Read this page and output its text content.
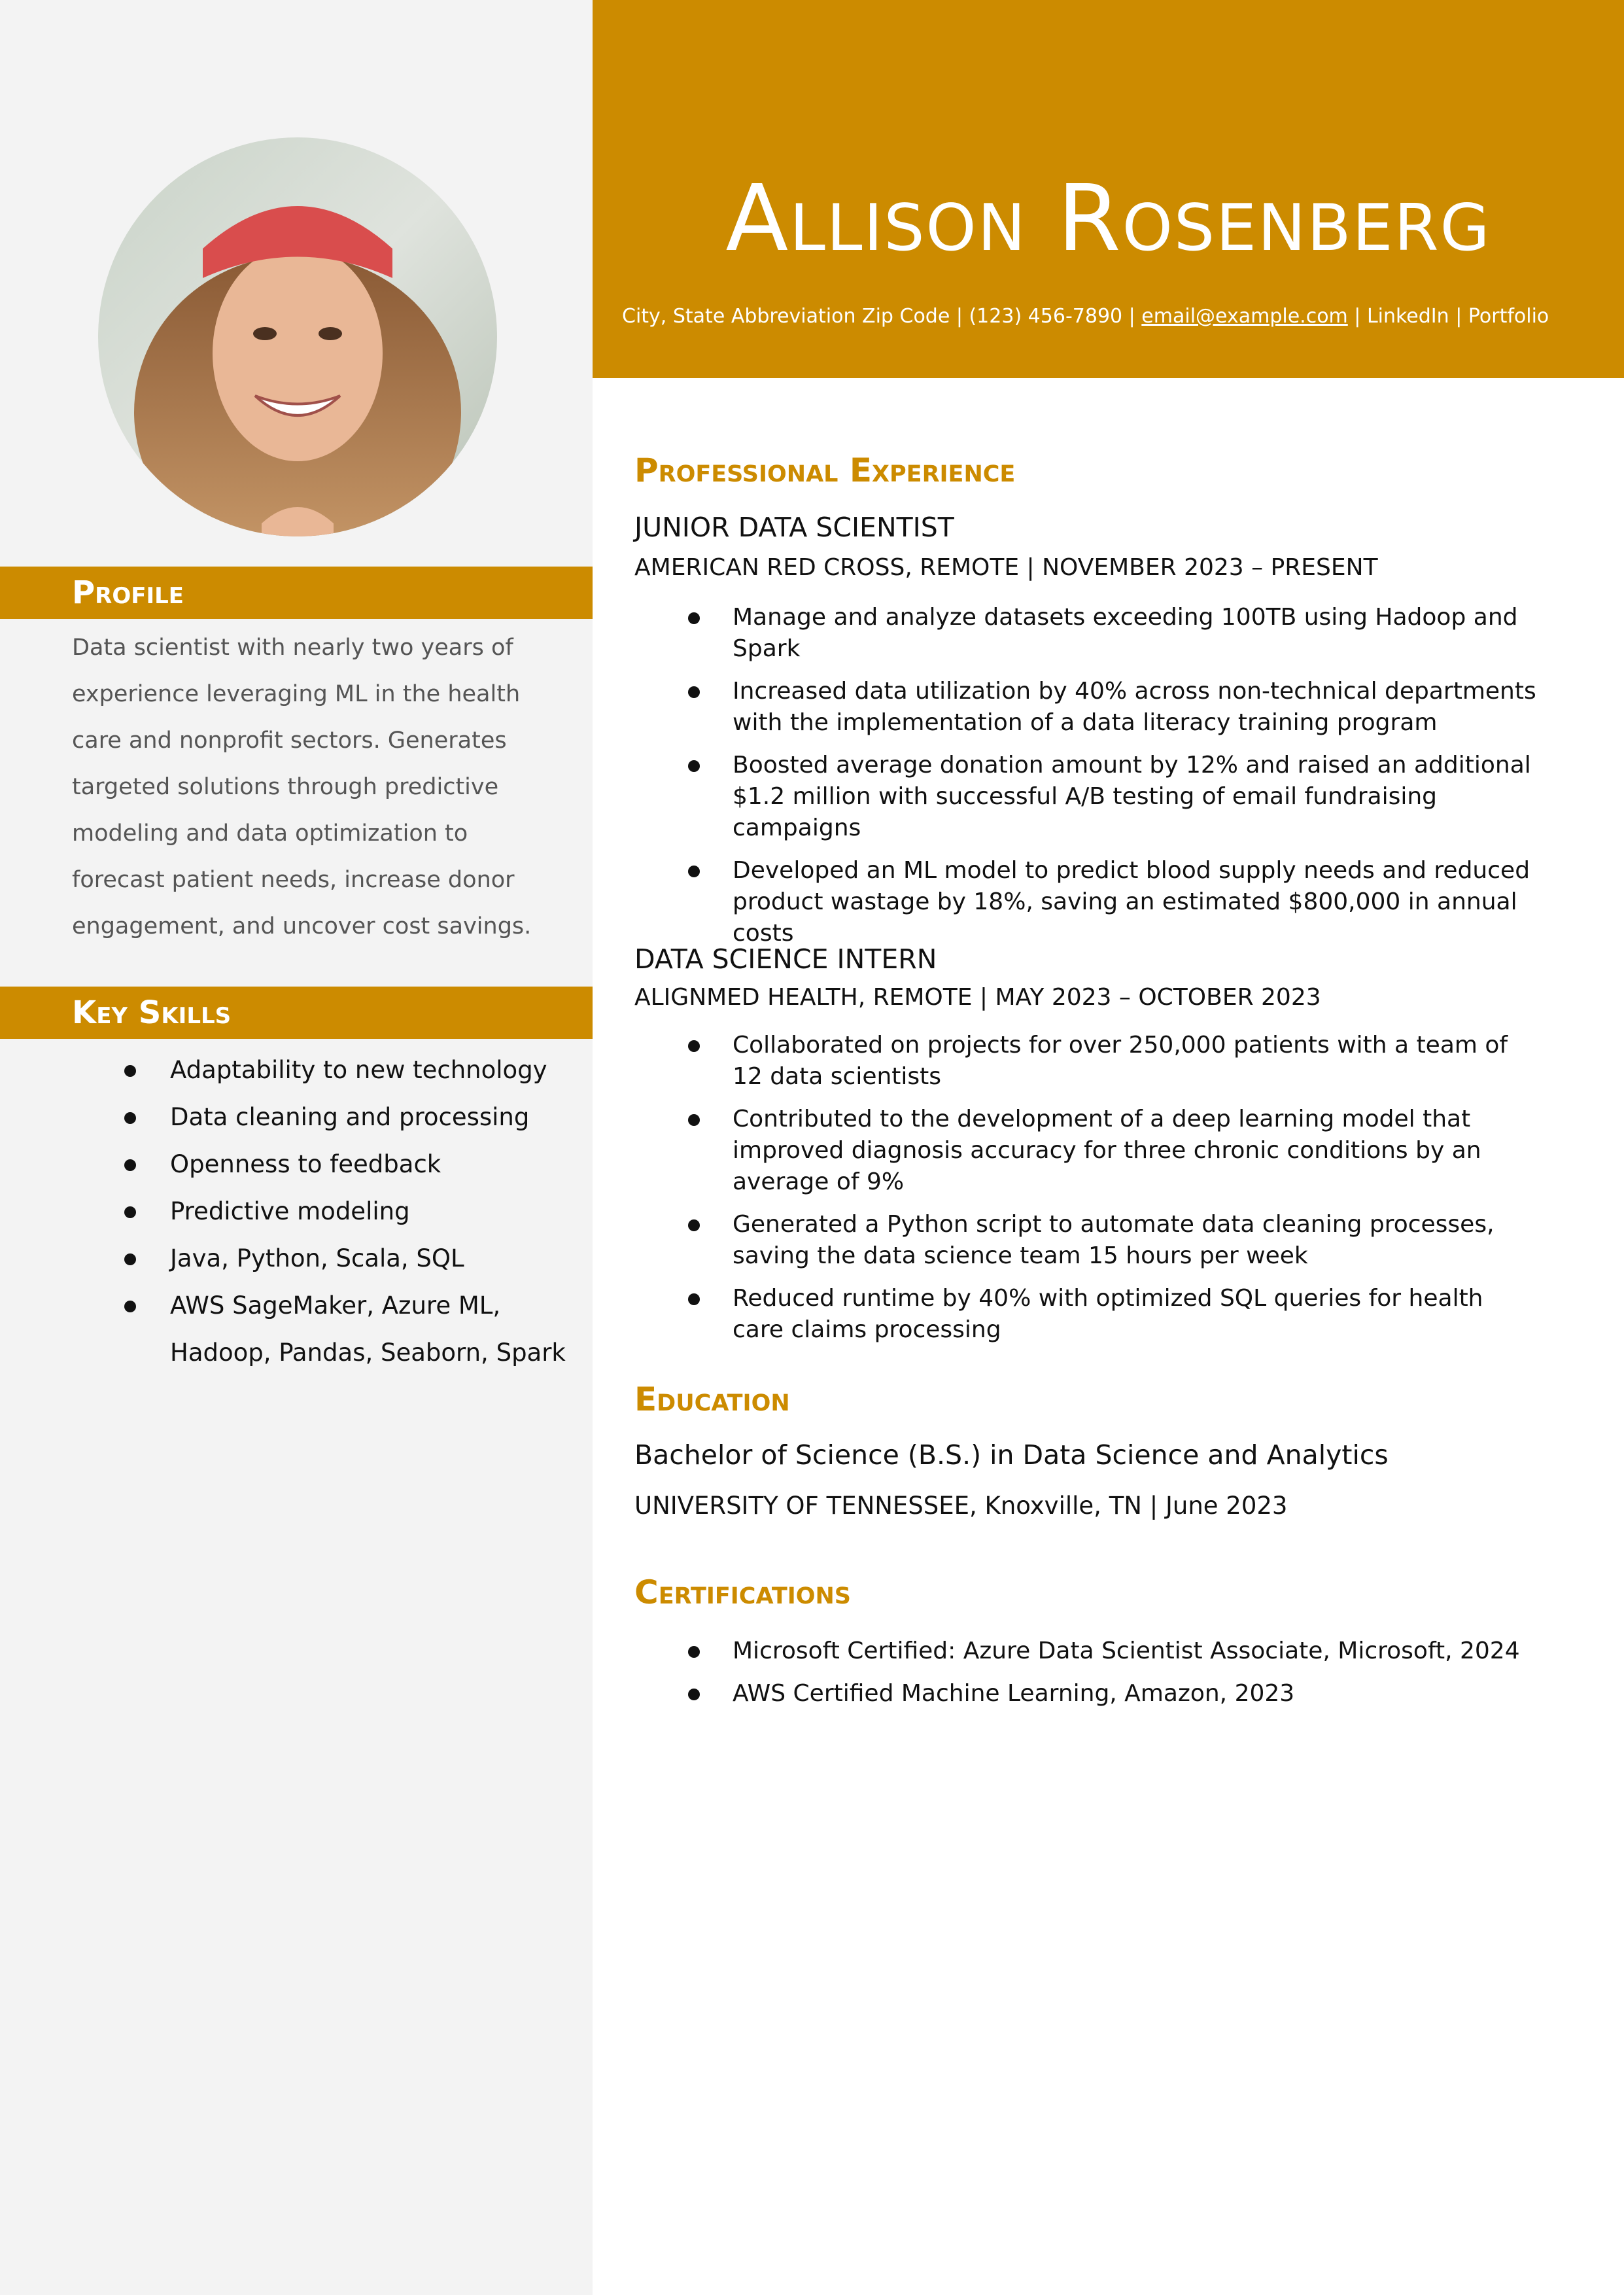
Allison Rosenberg
City, State Abbreviation Zip Code | (123) 456-7890 | email@example.com | LinkedIn | Portfolio
Profile
Data scientist with nearly two years of
experience leveraging ML in the health
care and nonprofit sectors. Generates
targeted solutions through predictive
modeling and data optimization to
forecast patient needs, increase donor
engagement, and uncover cost savings.
Key Skills
Adaptability to new technology
Data cleaning and processing
Openness to feedback
Predictive modeling
Java, Python, Scala, SQL
AWS SageMaker, Azure ML, Hadoop, Pandas, Seaborn, Spark
Professional Experience
JUNIOR DATA SCIENTIST
AMERICAN RED CROSS, REMOTE | NOVEMBER 2023 – PRESENT
Manage and analyze datasets exceeding 100TB using Hadoop and Spark
Increased data utilization by 40% across non-technical departments with the implementation of a data literacy training program
Boosted average donation amount by 12% and raised an additional $1.2 million with successful A/B testing of email fundraising campaigns
Developed an ML model to predict blood supply needs and reduced product wastage by 18%, saving an estimated $800,000 in annual costs
DATA SCIENCE INTERN
ALIGNMED HEALTH, REMOTE | MAY 2023 – OCTOBER 2023
Collaborated on projects for over 250,000 patients with a team of 12 data scientists
Contributed to the development of a deep learning model that improved diagnosis accuracy for three chronic conditions by an average of 9%
Generated a Python script to automate data cleaning processes, saving the data science team 15 hours per week
Reduced runtime by 40% with optimized SQL queries for health care claims processing
Education
Bachelor of Science (B.S.) in Data Science and Analytics
UNIVERSITY OF TENNESSEE, Knoxville, TN | June 2023
Certifications
Microsoft Certified: Azure Data Scientist Associate, Microsoft, 2024
AWS Certified Machine Learning, Amazon, 2023
